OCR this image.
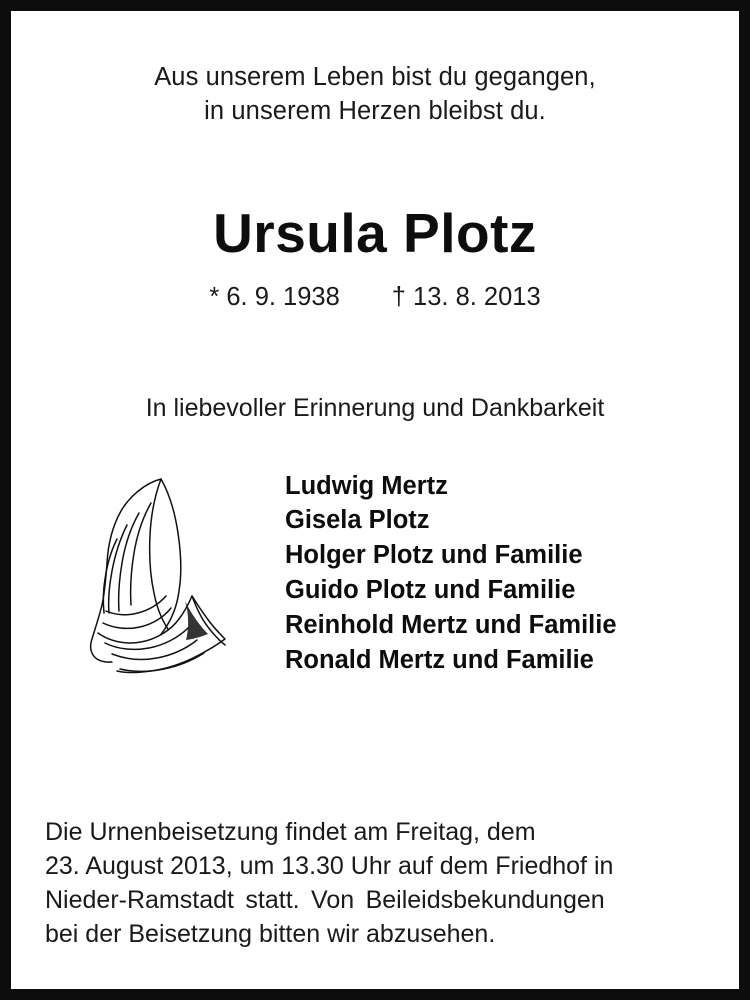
Aus unserem Leben bist du gegangen,
in unserem Herzen bleibst du.
Ursula Plotz
* 6. 9. 1938 † 13. 8. 2013
In liebevoller Erinnerung und Dankbarkeit
Ludwig Mertz
Gisela Plotz
Holger Plotz und Familie
Guido Plotz und Familie
Reinhold Mertz und Familie
Ronald Mertz und Familie
Die Urnenbeisetzung findet am Freitag, dem
23. August 2013, um 13.30 Uhr auf dem Friedhof in
Nieder-Ramstadt statt. Von Beileidsbekundungen
bei der Beisetzung bitten wir abzusehen.
